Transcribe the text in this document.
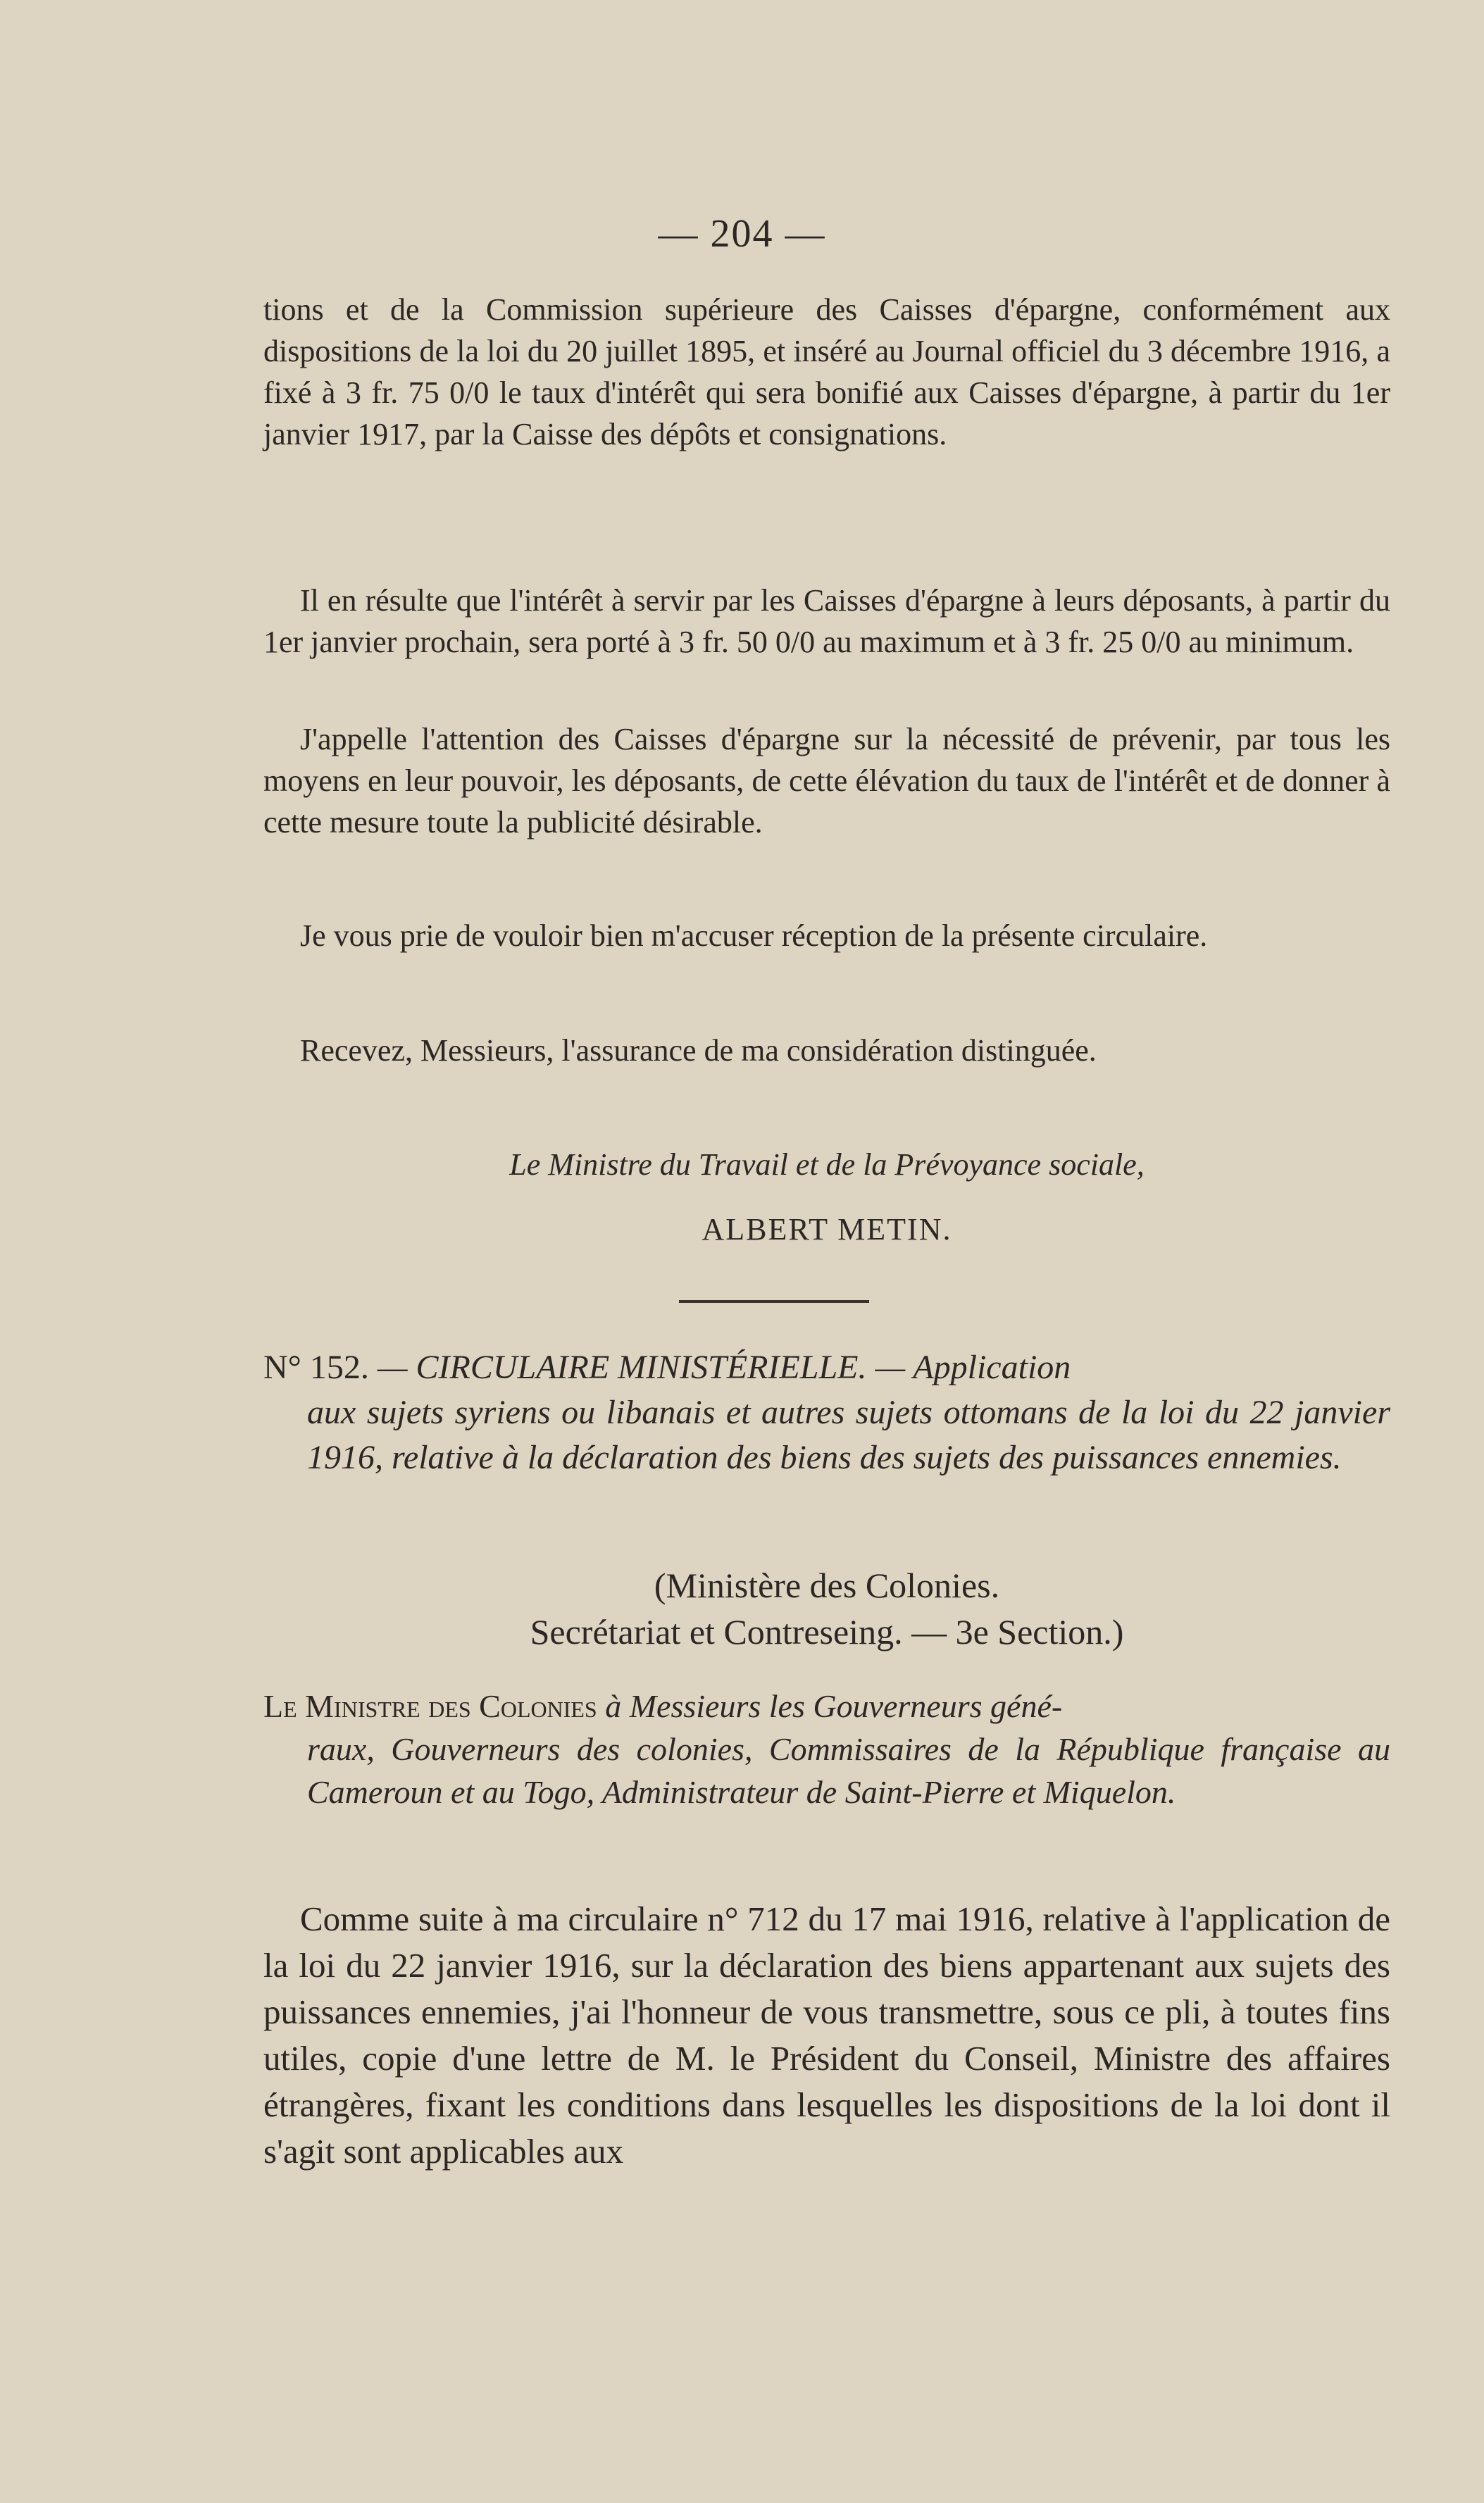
— 204 —

tions et de la Commission supérieure des Caisses d'épargne, conformément aux dispositions de la loi du 20 juillet 1895, et inséré au Journal officiel du 3 décembre 1916, a fixé à 3 fr. 75 0/0 le taux d'intérêt qui sera bonifié aux Caisses d'épargne, à partir du 1er janvier 1917, par la Caisse des dépôts et consignations.

Il en résulte que l'intérêt à servir par les Caisses d'épargne à leurs déposants, à partir du 1er janvier prochain, sera porté à 3 fr. 50 0/0 au maximum et à 3 fr. 25 0/0 au minimum.

J'appelle l'attention des Caisses d'épargne sur la nécessité de prévenir, par tous les moyens en leur pouvoir, les déposants, de cette élévation du taux de l'intérêt et de donner à cette mesure toute la publicité désirable.

Je vous prie de vouloir bien m'accuser réception de la présente circulaire.

Recevez, Messieurs, l'assurance de ma considération distinguée.

Le Ministre du Travail et de la Prévoyance sociale,
ALBERT METIN.
N° 152. — CIRCULAIRE MINISTÉRIELLE. — Application
aux sujets syriens ou libanais et autres sujets ottomans de la loi du 22 janvier 1916, relative à la déclaration des biens des sujets des puissances ennemies.
(Ministère des Colonies.
Secrétariat et Contreseing. — 3e Section.)
Le Ministre des Colonies à Messieurs les Gouverneurs géné-
raux, Gouverneurs des colonies, Commissaires de la République française au Cameroun et au Togo, Administrateur de Saint-Pierre et Miquelon.

Comme suite à ma circulaire n° 712 du 17 mai 1916, relative à l'application de la loi du 22 janvier 1916, sur la déclaration des biens appartenant aux sujets des puissances ennemies, j'ai l'honneur de vous transmettre, sous ce pli, à toutes fins utiles, copie d'une lettre de M. le Président du Conseil, Ministre des affaires étrangères, fixant les conditions dans lesquelles les dispositions de la loi dont il s'agit sont applicables aux
